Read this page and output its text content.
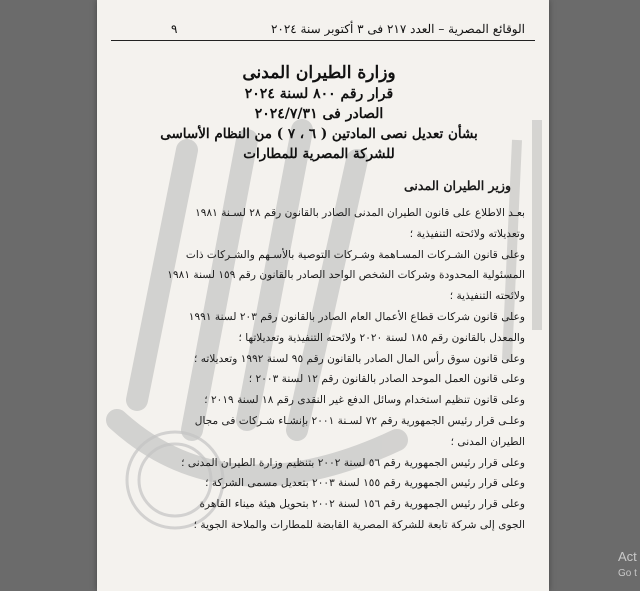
الوقائع المصرية – العدد ٢١٧ فى ٣ أكتوبر سنة ٢٠٢٤
٩
وزارة الطيران المدنى
قرار رقم ٨٠٠ لسنة ٢٠٢٤
الصادر فى ٢٠٢٤/٧/٣١
بشأن تعديل نصى المادتين ( ٦ ، ٧ ) من النظام الأساسى
للشركة المصرية للمطارات
وزير الطيران المدنى
بعـد الاطلاع على قانون الطيران المدنى الصادر بالقانون رقم ٢٨ لسـنة ١٩٨١
وتعديلاته ولائحته التنفيذية ؛
وعلى قانون الشـركات المسـاهمة وشـركات التوصية بالأسـهم والشـركات ذات
المسئولية المحدودة وشركات الشخص الواحد الصادر بالقانون رقم ١٥٩ لسنة ١٩٨١
ولائحته التنفيذية ؛
وعلى قانون شركات قطاع الأعمال العام الصادر بالقانون رقم ٢٠٣ لسنة ١٩٩١
والمعدل بالقانون رقم ١٨٥ لسنة ٢٠٢٠ ولائحته التنفيذية وتعديلاتها ؛
وعلى قانون سوق رأس المال الصادر بالقانون رقم ٩٥ لسنة ١٩٩٢ وتعديلاته ؛
وعلى قانون العمل الموحد الصادر بالقانون رقم ١٢ لسنة ٢٠٠٣ ؛
وعلى قانون تنظيم استخدام وسائل الدفع غير النقدى رقم ١٨ لسنة ٢٠١٩ ؛
وعلـى قرار رئيس الجمهورية رقم ٧٢ لسـنة ٢٠٠١ بإنشـاء شـركات فى مجال
الطيران المدنى ؛
وعلى قرار رئيس الجمهورية رقم ٥٦ لسنة ٢٠٠٢ بتنظيم وزارة الطيران المدنى ؛
وعلى قرار رئيس الجمهورية رقم ١٥٥ لسنة ٢٠٠٣ بتعديل مسمى الشركة ؛
وعلى قرار رئيس الجمهورية رقم ١٥٦ لسنة ٢٠٠٢ بتحويل هيئة ميناء القاهرة
الجوى إلى شركة تابعة للشركة المصرية القابضة للمطارات والملاحة الجوية ؛
Act
Go t
